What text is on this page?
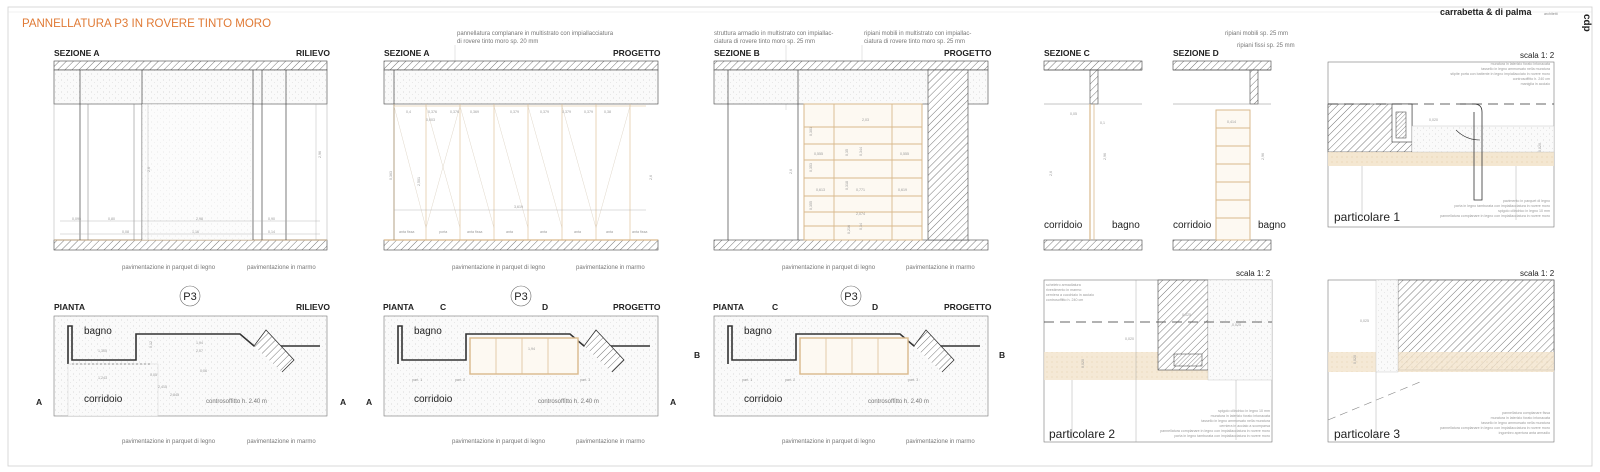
PANNELLATURA P3 IN ROVERE TINTO MORO
carrabetta & di palma	architetti cdp
SEZIONE A	RILIEVO
0,095	0,80	2,98	0,90
0,08	1,16	0,14
2,6
2,96
pavimentazione in parquet di legno	pavimentazione in marmo
pannellatura complanare in multistrato con impiallacciatura
di rovere tinto moro sp. 20 mm
SEZIONE A	PROGETTO
0,4	0,376	0,376	0,369	0,379	0,379	0,379	0,379	0,38
0,003
3,619
0,363
2,501	2,6
anta fissa	porta	anta fissa	anta	anta	anta	anta	anta fissa
pavimentazione in parquet di legno	pavimentazione in marmo
struttura armadio in multistrato con impiallac-
ciatura di rovere tinto moro sp. 25 mm
ripiani mobili in multistrato con impiallac-
ciatura di rovere tinto moro sp. 25 mm
SEZIONE B	PROGETTO
2,6
2,03
0,555	0,555
0,613	0,771	0,619
2,074
0,216 0,34
0,301
0,353
0,355
0,35
0,318
0,344
pavimentazione in parquet di legno	pavimentazione in marmo
SEZIONE C
0,05
0,1
2,96
2,6
corridoio	bagno
ripiani mobili sp. 25 mm
ripiani fissi sp. 25 mm
SEZIONE D
0,414
2,96
corridoio	bagno
scala 1: 2
0,020
0,020
muratura in laterizio forato intonacata
tassello in legno ammorsato nella muratura
stipite porta con battente in legno impiallacciato in rovere moro
controsoffitto h. 240 cm
maniglia in acciaio
pavimento in parquet di legno
porta in legno tamburata con impiallacciatura in rovere moro
spigolo cilindrico in legno 10 mm
pannellatura complanare in legno con impiallacciatura in rovere moro
particolare 1
scala 1: 2
scheletro armadiatura
rivestimento in marmo
cerniera a cucchiaio in acciaio
controsoffitto h. 240 cm
0,025
0,020
0,020
0,025
spigolo cilindrico in legno 10 mm
muratura in laterizio forato intonacata
tassello in legno ammorsato nella muratura
cerniera in acciaio a scomparsa
pannellatura complanare in legno con impiallacciatura in rovere moro
porta in legno tamburata con impiallacciatura in rovere moro
particolare 2
scala 1: 2
0,025
0,020
pannellatura complanare fissa
muratura in laterizio forato intonacata
tassello in legno ammorsato nella muratura
pannellatura complanare in legno con impiallacciatura in rovere moro
ingombro apertura anta armadio
particolare 3
P3
PIANTA	RILIEVO
1,305
1,94
2,07
1,243
0,05
0,06
2,415
2,845
0,12
bagno
corridoio	controsoffitto h. 2.40 m
A	A
pavimentazione in parquet di legno	pavimentazione in marmo
P3
PIANTA	PROGETTO
C	D
1,94
part. 1	part. 2	part. 3
bagno
corridoio	controsoffitto h. 2.40 m
A	A
pavimentazione in parquet di legno	pavimentazione in marmo
P3
PIANTA	PROGETTO
C	D
part. 1	part. 2	part. 3
bagno
corridoio	controsoffitto h. 2.40 m
B	B
pavimentazione in parquet di legno	pavimentazione in marmo
